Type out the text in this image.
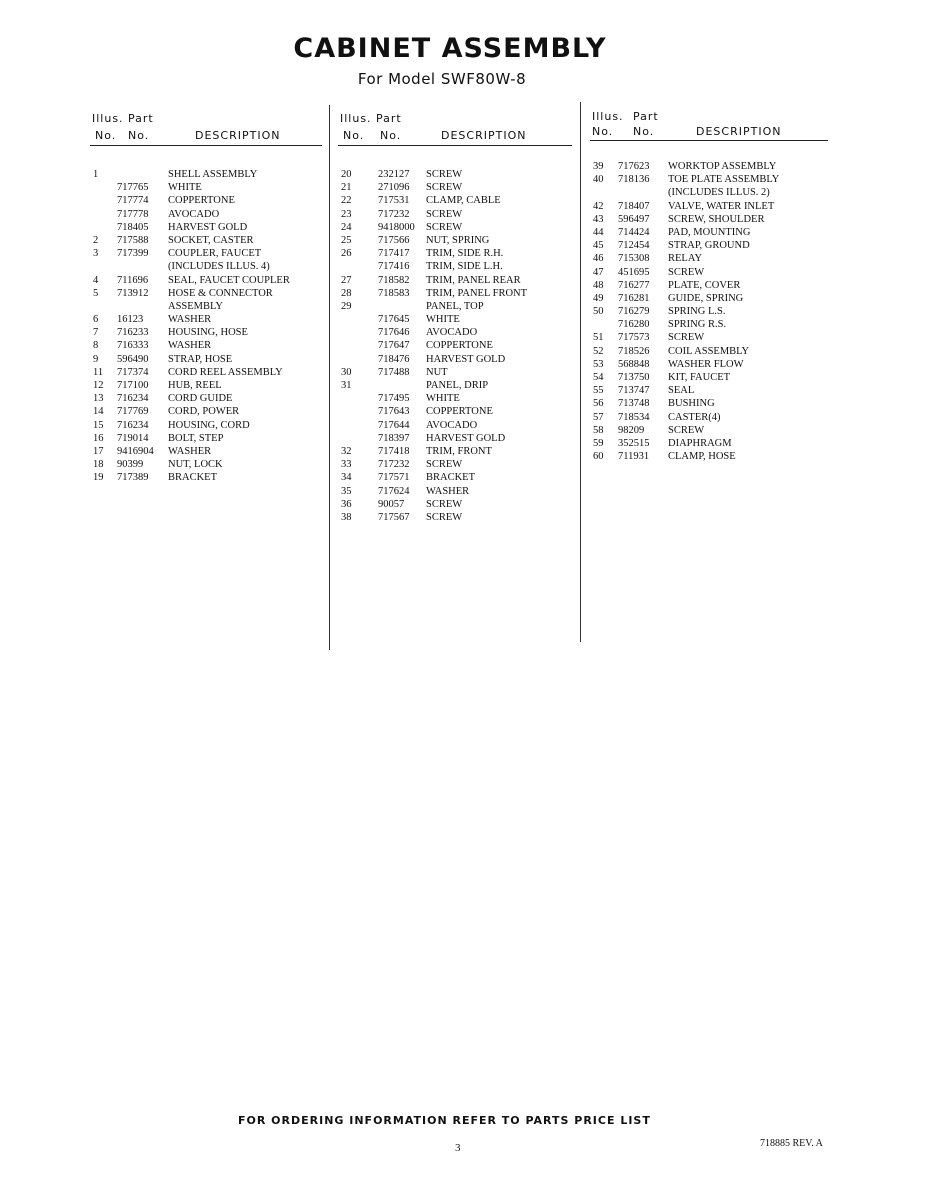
CABINET ASSEMBLY
For Model SWF80W-8
Illus. Part
No. No.	DESCRIPTION
1	SHELL ASSEMBLY
717765 WHITE
717774 COPPERTONE
717778 AVOCADO
718405 HARVEST GOLD
2 717588 SOCKET, CASTER
3 717399 COUPLER, FAUCET
(INCLUDES ILLUS. 4)
4 711696 SEAL, FAUCET COUPLER
5 713912 HOSE & CONNECTOR
ASSEMBLY
6 16123 WASHER
7 716233 HOUSING, HOSE
8 716333 WASHER
9 596490 STRAP, HOSE
11 717374 CORD REEL ASSEMBLY
12 717100 HUB, REEL
13 716234 CORD GUIDE
14 717769 CORD, POWER
15 716234 HOUSING, CORD
16 719014 BOLT, STEP
17 9416904 WASHER
18 90399 NUT, LOCK
19 717389 BRACKET
Illus. Part
No. No.	DESCRIPTION
20	232127 SCREW
21	271096 SCREW
22	717531 CLAMP, CABLE
23	717232 SCREW
24	9418000 SCREW
25	717566 NUT, SPRING
26	717417 TRIM, SIDE R.H.
717416 TRIM, SIDE L.H.
27	718582 TRIM, PANEL REAR
28	718583 TRIM, PANEL FRONT
29	PANEL, TOP
717645 WHITE
717646 AVOCADO
717647 COPPERTONE
718476 HARVEST GOLD
30	717488 NUT
31	PANEL, DRIP
717495 WHITE
717643 COPPERTONE
717644 AVOCADO
718397 HARVEST GOLD
32	717418 TRIM, FRONT
33	717232 SCREW
34	717571 BRACKET
35	717624 WASHER
36	90057 SCREW
38	717567 SCREW
Illus. Part
No. No.	DESCRIPTION
39 717623 WORKTOP ASSEMBLY
40 718136 TOE PLATE ASSEMBLY
(INCLUDES ILLUS. 2)
42 718407 VALVE, WATER INLET
43 596497 SCREW, SHOULDER
44 714424 PAD, MOUNTING
45 712454 STRAP, GROUND
46 715308 RELAY
47 451695 SCREW
48 716277 PLATE, COVER
49 716281 GUIDE, SPRING
50 716279 SPRING L.S.
716280 SPRING R.S.
51 717573 SCREW
52 718526 COIL ASSEMBLY
53 568848 WASHER FLOW
54 713750 KIT, FAUCET
55 713747 SEAL
56 713748 BUSHING
57 718534 CASTER(4)
58 98209 SCREW
59 352515 DIAPHRAGM
60 711931 CLAMP, HOSE
FOR ORDERING INFORMATION REFER TO PARTS PRICE LIST
3	718885 REV. A
